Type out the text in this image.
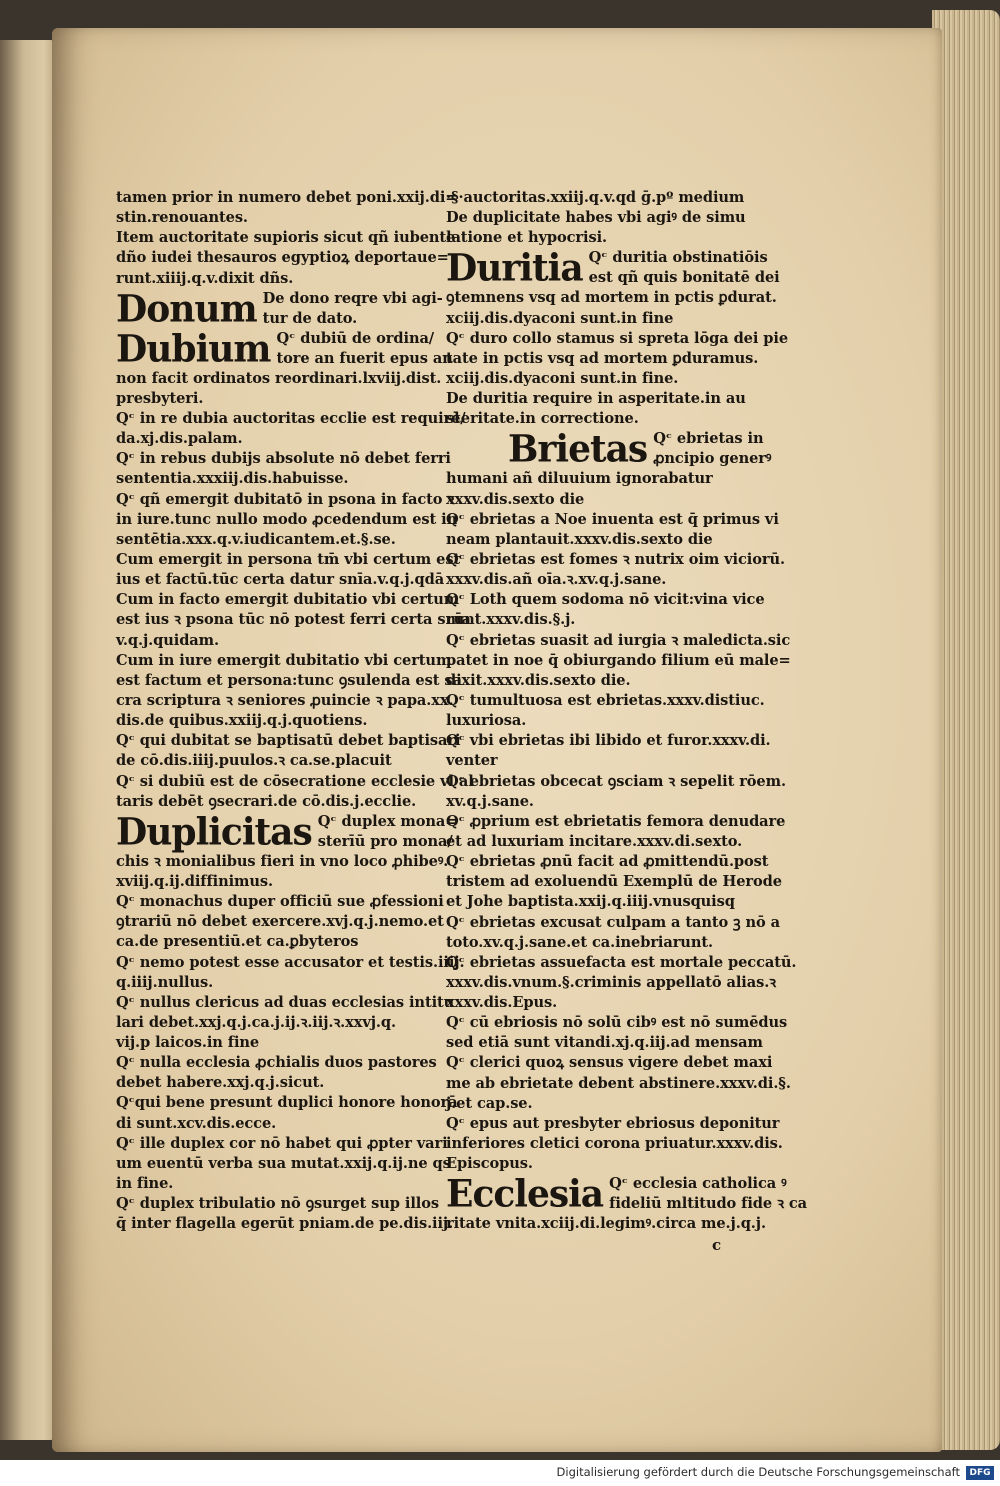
tamen prior in numero debet poni.xxij.di=
stin.renouantes.
Item auctoritate supioris sicut qñ iubente
dño iudei thesauros egyptioꝝ deportaue=
runt.xiiij.q.v.dixit dñs.
Donum De dono reqre vbi agi-
tur de dato.
Dubium Qᶜ dubiū de ordina/
tore an fuerit epus an
non facit ordinatos reordinari.lxviij.dist.
presbyteri.
Qᶜ in re dubia auctoritas ecclie est requirē/
da.xj.dis.palam.
Qᶜ in rebus dubijs absolute nō debet ferri
sententia.xxxiij.dis.habuisse.
Qᶜ qñ emergit dubitatō in psona in facto ꝛ
in iure.tunc nullo modo ꝓcedendum est in
sentētia.xxx.q.v.iudicantem.et.§.se.
Cum emergit in persona tm̄ vbi certum est
ius et factū.tūc certa datur snīa.v.q.j.qdā
Cum in facto emergit dubitatio vbi certum
est ius ꝛ psona tūc nō potest ferri certa snīa
v.q.j.quidam.
Cum in iure emergit dubitatio vbi certum
est factum et persona:tunc ꝯsulenda est sa
cra scriptura ꝛ seniores ꝓuincie ꝛ papa.xx.
dis.de quibus.xxiij.q.j.quotiens.
Qᶜ qui dubitat se baptisatū debet baptisari
de cō.dis.iiij.puulos.ꝛ ca.se.placuit
Qᶜ si dubiū est de cōsecratione ecclesie vl al
taris debēt ꝯsecrari.de cō.dis.j.ecclie.
Duplicitas Qᶜ duplex mona=
sterīū pro mona/
chis ꝛ monialibus fieri in vno loco ꝓhibeꝰ.
xviij.q.ij.diffinimus.
Qᶜ monachus duper officiū sue ꝓfessioni
ꝯtrariū nō debet exercere.xvj.q.j.nemo.et
ca.de presentiū.et ca.ꝑbyteros
Qᶜ nemo potest esse accusator et testis.iiij.
q.iiij.nullus.
Qᶜ nullus clericus ad duas ecclesias intitu
lari debet.xxj.q.j.ca.j.ij.ꝛ.iij.ꝛ.xxvj.q.
vij.p laicos.in fine
Qᶜ nulla ecclesia ꝓchialis duos pastores
debet habere.xxj.q.j.sicut.
Qᶜqui bene presunt duplici honore honorā
di sunt.xcv.dis.ecce.
Qᶜ ille duplex cor nō habet qui ꝓpter vari
um euentū verba sua mutat.xxij.q.ij.ne qs
in fine.
Qᶜ duplex tribulatio nō ꝯsurget sup illos
q̄ inter flagella egerūt pniam.de pe.dis.iij.
·§·auctoritas.xxiij.q.v.qd ḡ.pº medium
De duplicitate habes vbi agiꝰ de simu
latione et hypocrisi.
Duritia Qᶜ duritia obstinatiōis
est qñ quis bonitatē dei
ꝯtemnens vsq ad mortem in pctis ꝑdurat.
xciij.dis.dyaconi sunt.in fine
Qᶜ duro collo stamus si spreta lōga dei pie
tate in pctis vsq ad mortem ꝑduramus.
xciij.dis.dyaconi sunt.in fine.
De duritia require in asperitate.in au
steritate.in correctione.
Brietas Qᶜ ebrietas in
ꝓncipio generꝰ
humani añ diluuium ignorabatur
xxxv.dis.sexto die
Qᶜ ebrietas a Noe inuenta est q̄ primus vi
neam plantauit.xxxv.dis.sexto die
Qᶜ ebrietas est fomes ꝛ nutrix oim viciorū.
xxxv.dis.añ oīa.ꝛ.xv.q.j.sane.
Qᶜ Loth quem sodoma nō vicit:vina vice
runt.xxxv.dis.§.j.
Qᶜ ebrietas suasit ad iurgia ꝛ maledicta.sic
patet in noe q̄ obiurgando filium eū male=
dixit.xxxv.dis.sexto die.
Qᶜ tumultuosa est ebrietas.xxxv.distiuc.
luxuriosa.
Qᶜ vbi ebrietas ibi libido et furor.xxxv.di.
venter
Qᶜ ebrietas obcecat ꝯsciam ꝛ sepelit rōem.
xv.q.j.sane.
Qᶜ ꝓprium est ebrietatis femora denudare
et ad luxuriam incitare.xxxv.di.sexto.
Qᶜ ebrietas ꝓnū facit ad ꝓmittendū.post
tristem ad exoluendū Exemplū de Herode
et Johe baptista.xxij.q.iiij.vnusquisq
Qᶜ ebrietas excusat culpam a tanto ꝫ nō a
toto.xv.q.j.sane.et ca.inebriarunt.
Qᶜ ebrietas assuefacta est mortale peccatū.
xxxv.dis.vnum.§.criminis appellatō alias.ꝛ
xxxv.dis.Epus.
Qᶜ cū ebriosis nō solū cibꝰ est nō sumēdus
sed etiā sunt vitandi.xj.q.iij.ad mensam
Qᶜ clerici quoꝝ sensus vigere debet maxi
me ab ebrietate debent abstinere.xxxv.di.§.
j.et cap.se.
Qᶜ epus aut presbyter ebriosus deponitur
inferiores cletici corona priuatur.xxxv.dis.
Episcopus.
Ecclesia Qᶜ ecclesia catholica ꝰ
fideliū mltitudo fide ꝛ ca
ritate vnita.xciij.di.legimꝰ.circa me.j.q.j.
c
Digitalisierung gefördert durch die Deutsche Forschungsgemeinschaft	DFG
